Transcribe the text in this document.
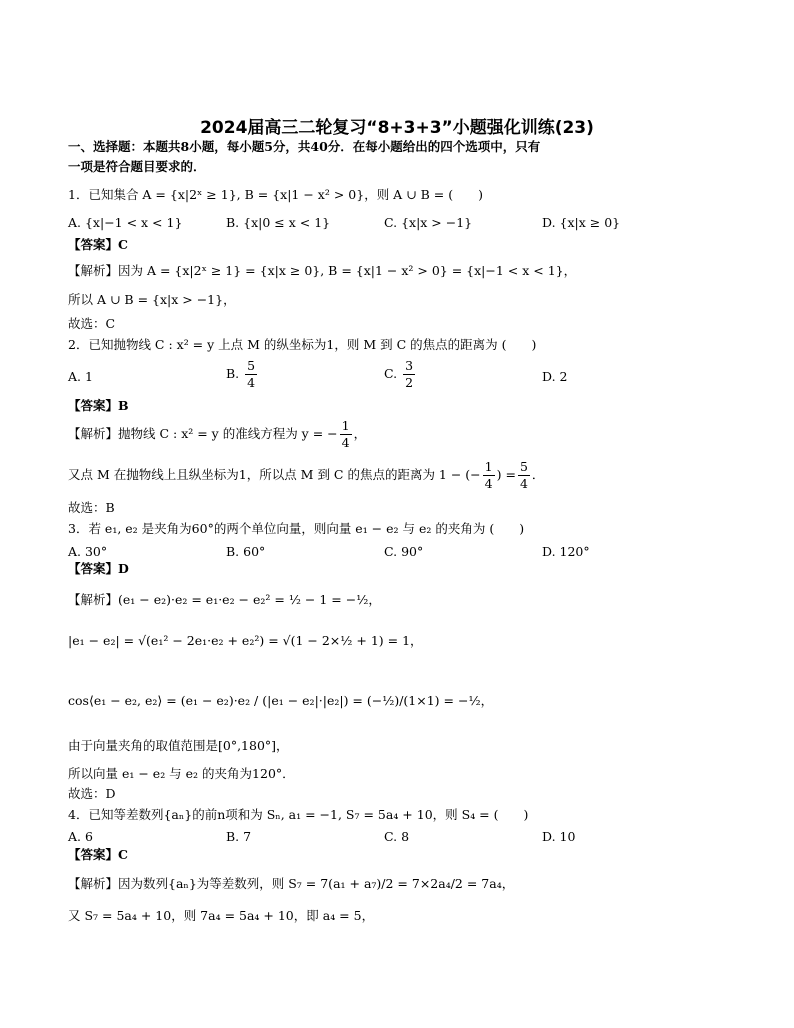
2024届高三二轮复习“8+3+3”小题强化训练(23)
一、选择题：本题共8小题，每小题5分，共40分．在每小题给出的四个选项中，只有
一项是符合题目要求的．
1．已知集合 A = {x|2ˣ ≥ 1}, B = {x|1 − x² > 0}，则 A ∪ B = (　　)
A. {x|−1 < x < 1}	B. {x|0 ≤ x < 1}	C. {x|x > −1}	D. {x|x ≥ 0}
【答案】C
【解析】因为 A = {x|2ˣ ≥ 1} = {x|x ≥ 0}, B = {x|1 − x² > 0} = {x|−1 < x < 1}，
所以 A ∪ B = {x|x > −1}，
故选：C
2．已知抛物线 C : x² = y 上点 M 的纵坐标为1，则 M 到 C 的焦点的距离为 (　　)
A. 1	B. $\frac{5}{4}$	C. $\frac{3}{2}$	D. 2
【答案】B
【解析】抛物线 C : x² = y 的准线方程为 y = − $\frac{1}{4}$ ，
又点 M 在抛物线上且纵坐标为1，所以点 M 到 C 的焦点的距离为 1 − (− $\frac{1}{4}$ ) = $\frac{5}{4}$ ．
故选：B
3．若 e₁, e₂ 是夹角为60°的两个单位向量，则向量 e₁ − e₂ 与 e₂ 的夹角为 (　　)
A. 30°	B. 60°	C. 90°	D. 120°
【答案】D
【解析】(e₁ − e₂)·e₂ = e₁·e₂ − e₂² = ½ − 1 = −½，
|e₁ − e₂| = √(e₁² − 2e₁·e₂ + e₂²) = √(1 − 2×½ + 1) = 1，
cos⟨e₁ − e₂, e₂⟩ = (e₁ − e₂)·e₂ / (|e₁ − e₂|·|e₂|) = (−½)/(1×1) = −½，
由于向量夹角的取值范围是[0°,180°]，
所以向量 e₁ − e₂ 与 e₂ 的夹角为120°．
故选：D
4．已知等差数列{aₙ}的前n项和为 Sₙ, a₁ = −1, S₇ = 5a₄ + 10，则 S₄ = (　　)
A. 6	B. 7	C. 8	D. 10
【答案】C
【解析】因为数列{aₙ}为等差数列，则 S₇ = 7(a₁ + a₇)/2 = 7×2a₄/2 = 7a₄，
又 S₇ = 5a₄ + 10，则 7a₄ = 5a₄ + 10，即 a₄ = 5，
